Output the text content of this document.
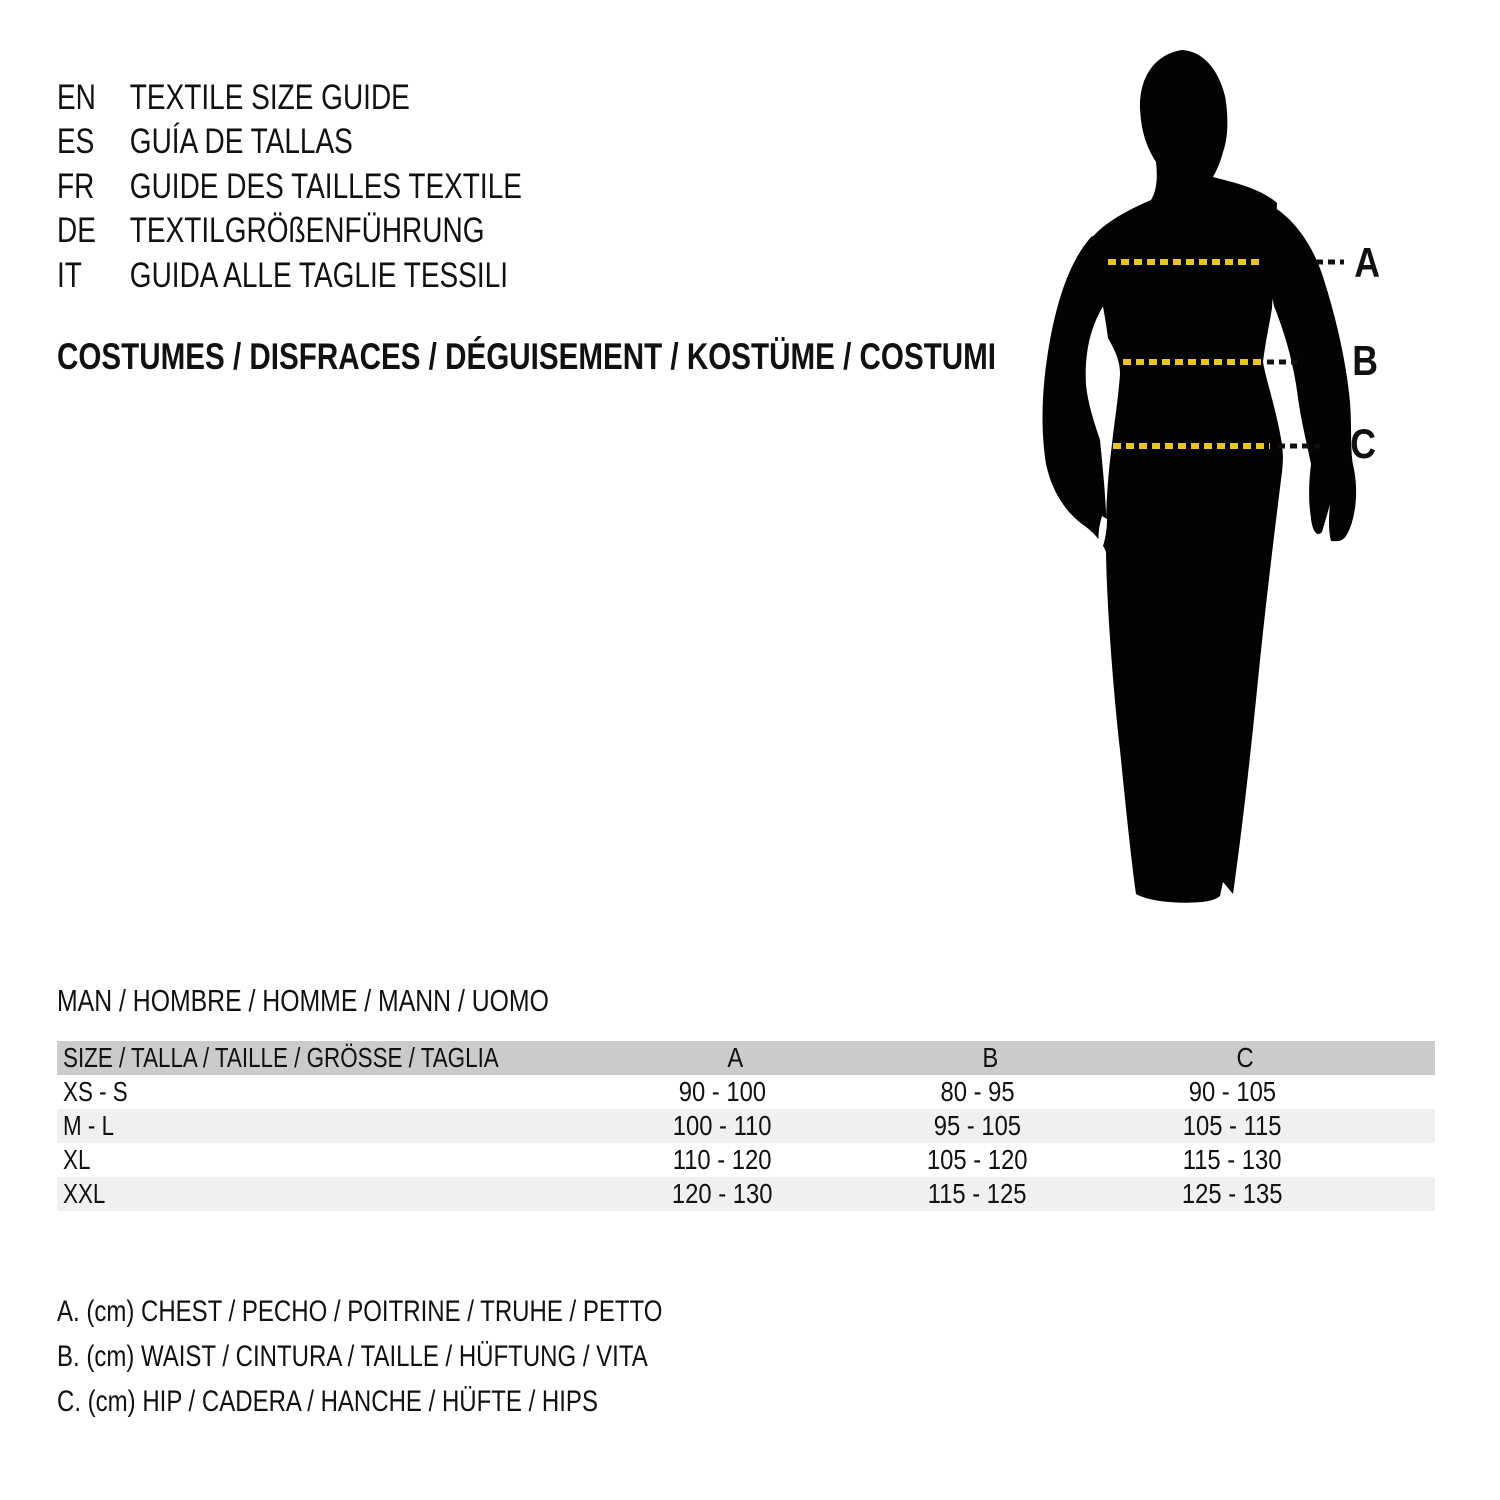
EN TEXTILE SIZE GUIDE
ES	GUÍA DE TALLAS
FR	GUIDE DES TAILLES TEXTILE
DE TEXTILGRÖßENFÜHRUNG
IT	GUIDA ALLE TAGLIE TESSILI
COSTUMES / DISFRACES / DÉGUISEMENT / KOSTÜME / COSTUMI
A
B
C
MAN / HOMBRE / HOMME / MANN / UOMO
SIZE / TALLA / TAILLE / GRÖSSE / TAGLIA	A	B	C
XS - S	90 - 100	80 - 95	90 - 105
M - L	100 - 110	95 - 105	105 - 115
XL	110 - 120	105 - 120	115 - 130
XXL	120 - 130	115 - 125	125 - 135
A. (cm) CHEST / PECHO / POITRINE / TRUHE / PETTO
B. (cm) WAIST / CINTURA / TAILLE / HÜFTUNG / VITA
C. (cm) HIP / CADERA / HANCHE / HÜFTE / HIPS
